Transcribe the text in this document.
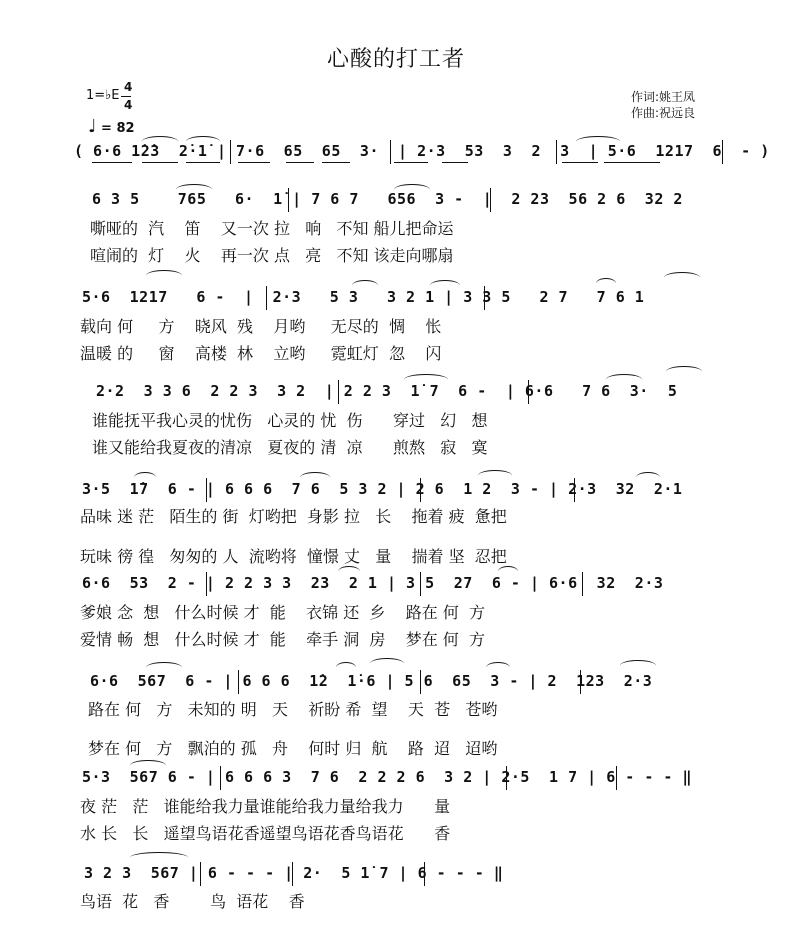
心酸的打工者
1=♭E
4
4
♩ = 82
作词:姚王凤
作曲:祝远良
( 6·6 1̇2̇3  2̇·1̇ | 7·6  65  65  3·  | 2·3  53  3  2  3  | 5·6  1217  6  - )
6 3 5    765   6·  1̇ | 7 6 7   656  3 -  |  2 23  56 2 6  32 2
嘶哑的  汽    笛    又一次 拉   响   不知 船儿把命运
喧闹的  灯    火    再一次 点   亮   不知 该走向哪扇
5·6  1217   6 -  |  2·3   5 3   3 2 1 | 3 3 5   2 7   7 6 1
载向 何     方    晓风  残    月哟     无尽的  惆    怅
温暖 的     窗    高楼  林    立哟     霓虹灯  忽    闪
2·2  3 3 6  2 2 3  3 2  | 2 2 3  1̇ 7  6 -  | 6·6   7 6  3·  5
谁能抚平我心灵的忧伤   心灵的 忧  伤      穿过   幻   想
谁又能给我夏夜的清凉   夏夜的 清  凉      煎熬   寂   寞
3·5  1̇7  6 - | 6 6 6  7 6  5 3 2 | 2 6  1 2  3 - | 2·3  32  2·1
品味 迷 茫   陌生的 街  灯哟把  身影 拉   长    拖着 疲  惫把
玩味 徬 徨   匆匆的 人  流哟将  憧憬 丈   量    揣着 坚  忍把
6·6  53  2 - | 2 2 3 3  23  2 1 | 3 5  27  6 - | 6·6  32  2·3
爹娘 念  想   什么时候 才  能    衣锦 还  乡    路在 何  方
爱情 畅  想   什么时候 才  能    牵手 洞  房    梦在 何  方
6·6  567  6 - | 6 6 6  1̇2  1̇·6 | 5 6  65  3 - | 2  123  2·3
路在 何   方   未知的 明   天    祈盼 希  望    天  苍   苍哟
梦在 何   方   飘泊的 孤   舟    何时 归  航    路  迢   迢哟
5·3  567 6 - | 6 6 6 3  7 6  2 2 2 6  3 2 | 2·5  1 7 | 6 - - - ‖
夜 茫   茫   谁能给我力量谁能给我力量给我力      量
水 长   长   遥望鸟语花香遥望鸟语花香鸟语花      香
3 2 3  567 | 6 - - - | 2·  5 1̇ 7 | 6 - - - ‖
鸟语  花   香        鸟  语花    香
